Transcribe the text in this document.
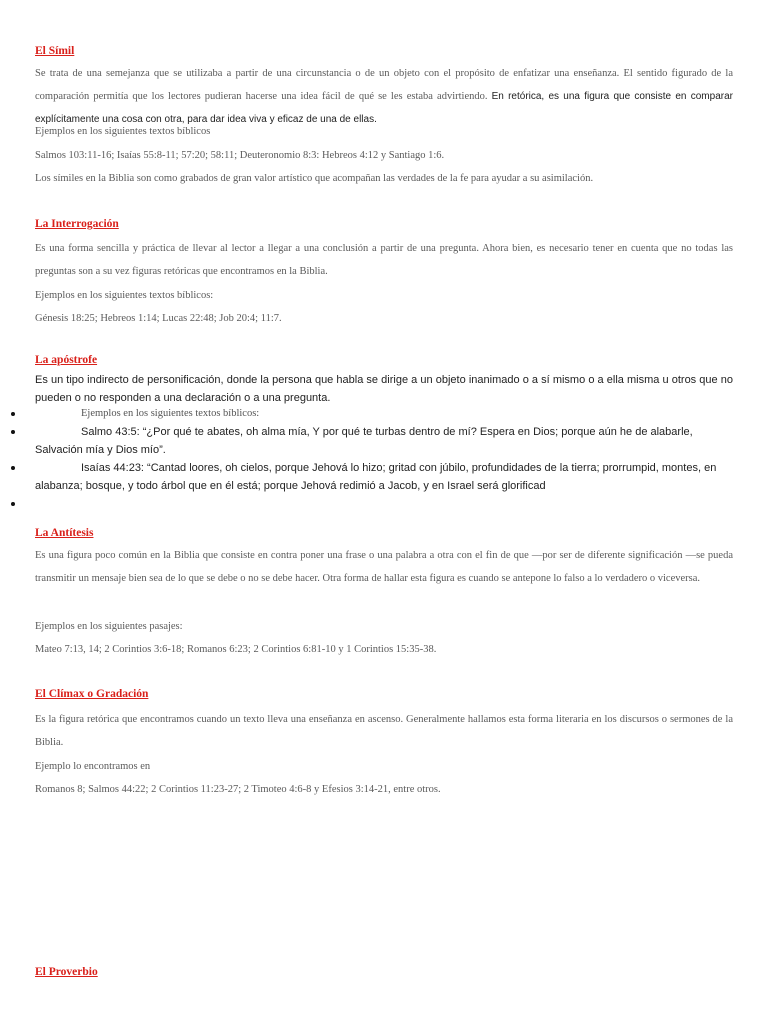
El Símil

Se trata de una semejanza que se utilizaba a partir de una circunstancia o de un objeto con el propósito de enfatizar una enseñanza. El sentido figurado de la comparación permitía que los lectores pudieran hacerse una idea fácil de qué se les estaba advirtiendo. En retórica, es una figura que consiste en comparar explícitamente una cosa con otra, para dar idea viva y eficaz de una de ellas.

Ejemplos en los siguientes textos bíblicos

Salmos 103:11-16; Isaías 55:8-11; 57:20; 58:11; Deuteronomio 8:3: Hebreos 4:12 y Santiago 1:6.

Los símiles en la Biblia son como grabados de gran valor artístico que acompañan las verdades de la fe para ayudar a su asimilación.

La Interrogación

Es una forma sencilla y práctica de llevar al lector a llegar a una conclusión a partir de una pregunta. Ahora bien, es necesario tener en cuenta que no todas las preguntas son a su vez figuras retóricas que encontramos en la Biblia.

Ejemplos en los siguientes textos bíblicos:

Génesis 18:25; Hebreos 1:14; Lucas 22:48; Job 20:4; 11:7.

La apóstrofe

Es un tipo indirecto de personificación, donde la persona que habla se dirige a un objeto inanimado o a sí mismo o a ella misma u otros que no pueden o no responden a una declaración o a una pregunta.

Ejemplos en los siguientes textos bíblicos:
Salmo 43:5: “¿Por qué te abates, oh alma mía, Y por qué te turbas dentro de mí? Espera en Dios; porque aún he de alabarle, Salvación mía y Dios mío”.
Isaías 44:23: “Cantad loores, oh cielos, porque Jehová lo hizo; gritad con júbilo, profundidades de la tierra; prorrumpid, montes, en alabanza; bosque, y todo árbol que en él está; porque Jehová redimió a Jacob, y en Israel será glorificad
La Antítesis

Es una figura poco común en la Biblia que consiste en contra poner una frase o una palabra a otra con el fin de que —por ser de diferente significación —se pueda transmitir un mensaje bien sea de lo que se debe o no se debe hacer. Otra forma de hallar esta figura es cuando se antepone lo falso a lo verdadero o viceversa.

Ejemplos en los siguientes pasajes:

Mateo 7:13, 14; 2 Corintios 3:6-18; Romanos 6:23; 2 Corintios 6:81-10 y 1 Corintios 15:35-38.

El Clímax o Gradación

Es la figura retórica que encontramos cuando un texto lleva una enseñanza en ascenso. Generalmente hallamos esta forma literaria en los discursos o sermones de la Biblia.

Ejemplo lo encontramos en

Romanos 8; Salmos 44:22; 2 Corintios 11:23-27; 2 Timoteo 4:6-8 y Efesios 3:14-21, entre otros.

El Proverbio
